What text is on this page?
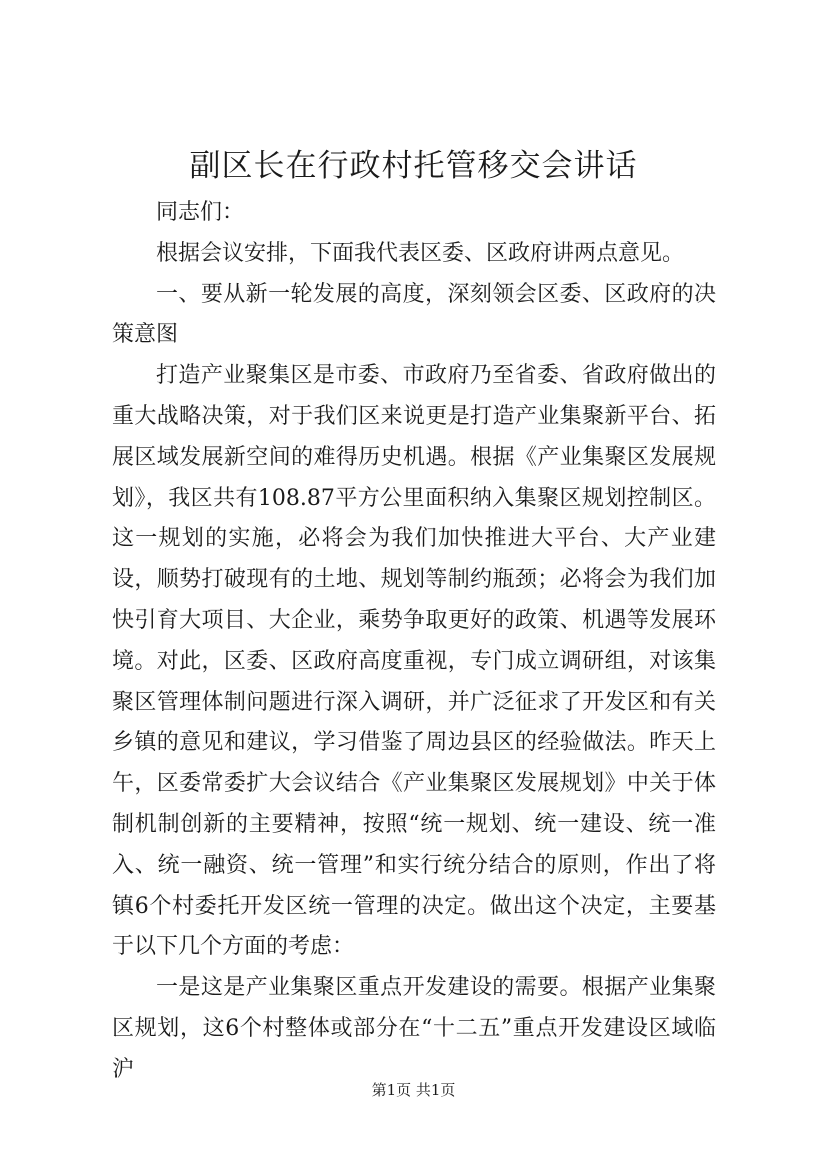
副区长在行政村托管移交会讲话

同志们：

根据会议安排，下面我代表区委、区政府讲两点意见。

一、要从新一轮发展的高度，深刻领会区委、区政府的决策意图

打造产业聚集区是市委、市政府乃至省委、省政府做出的重大战略决策，对于我们区来说更是打造产业集聚新平台、拓展区域发展新空间的难得历史机遇。根据《产业集聚区发展规划》，我区共有108.87平方公里面积纳入集聚区规划控制区。这一规划的实施，必将会为我们加快推进大平台、大产业建设，顺势打破现有的土地、规划等制约瓶颈；必将会为我们加快引育大项目、大企业，乘势争取更好的政策、机遇等发展环境。对此，区委、区政府高度重视，专门成立调研组，对该集聚区管理体制问题进行深入调研，并广泛征求了开发区和有关乡镇的意见和建议，学习借鉴了周边县区的经验做法。昨天上午，区委常委扩大会议结合《产业集聚区发展规划》中关于体制机制创新的主要精神，按照“统一规划、统一建设、统一准入、统一融资、统一管理”和实行统分结合的原则，作出了将镇6个村委托开发区统一管理的决定。做出这个决定，主要基于以下几个方面的考虑：

一是这是产业集聚区重点开发建设的需要。根据产业集聚区规划，这6个村整体或部分在“十二五”重点开发建设区域临沪

第1页 共1页
